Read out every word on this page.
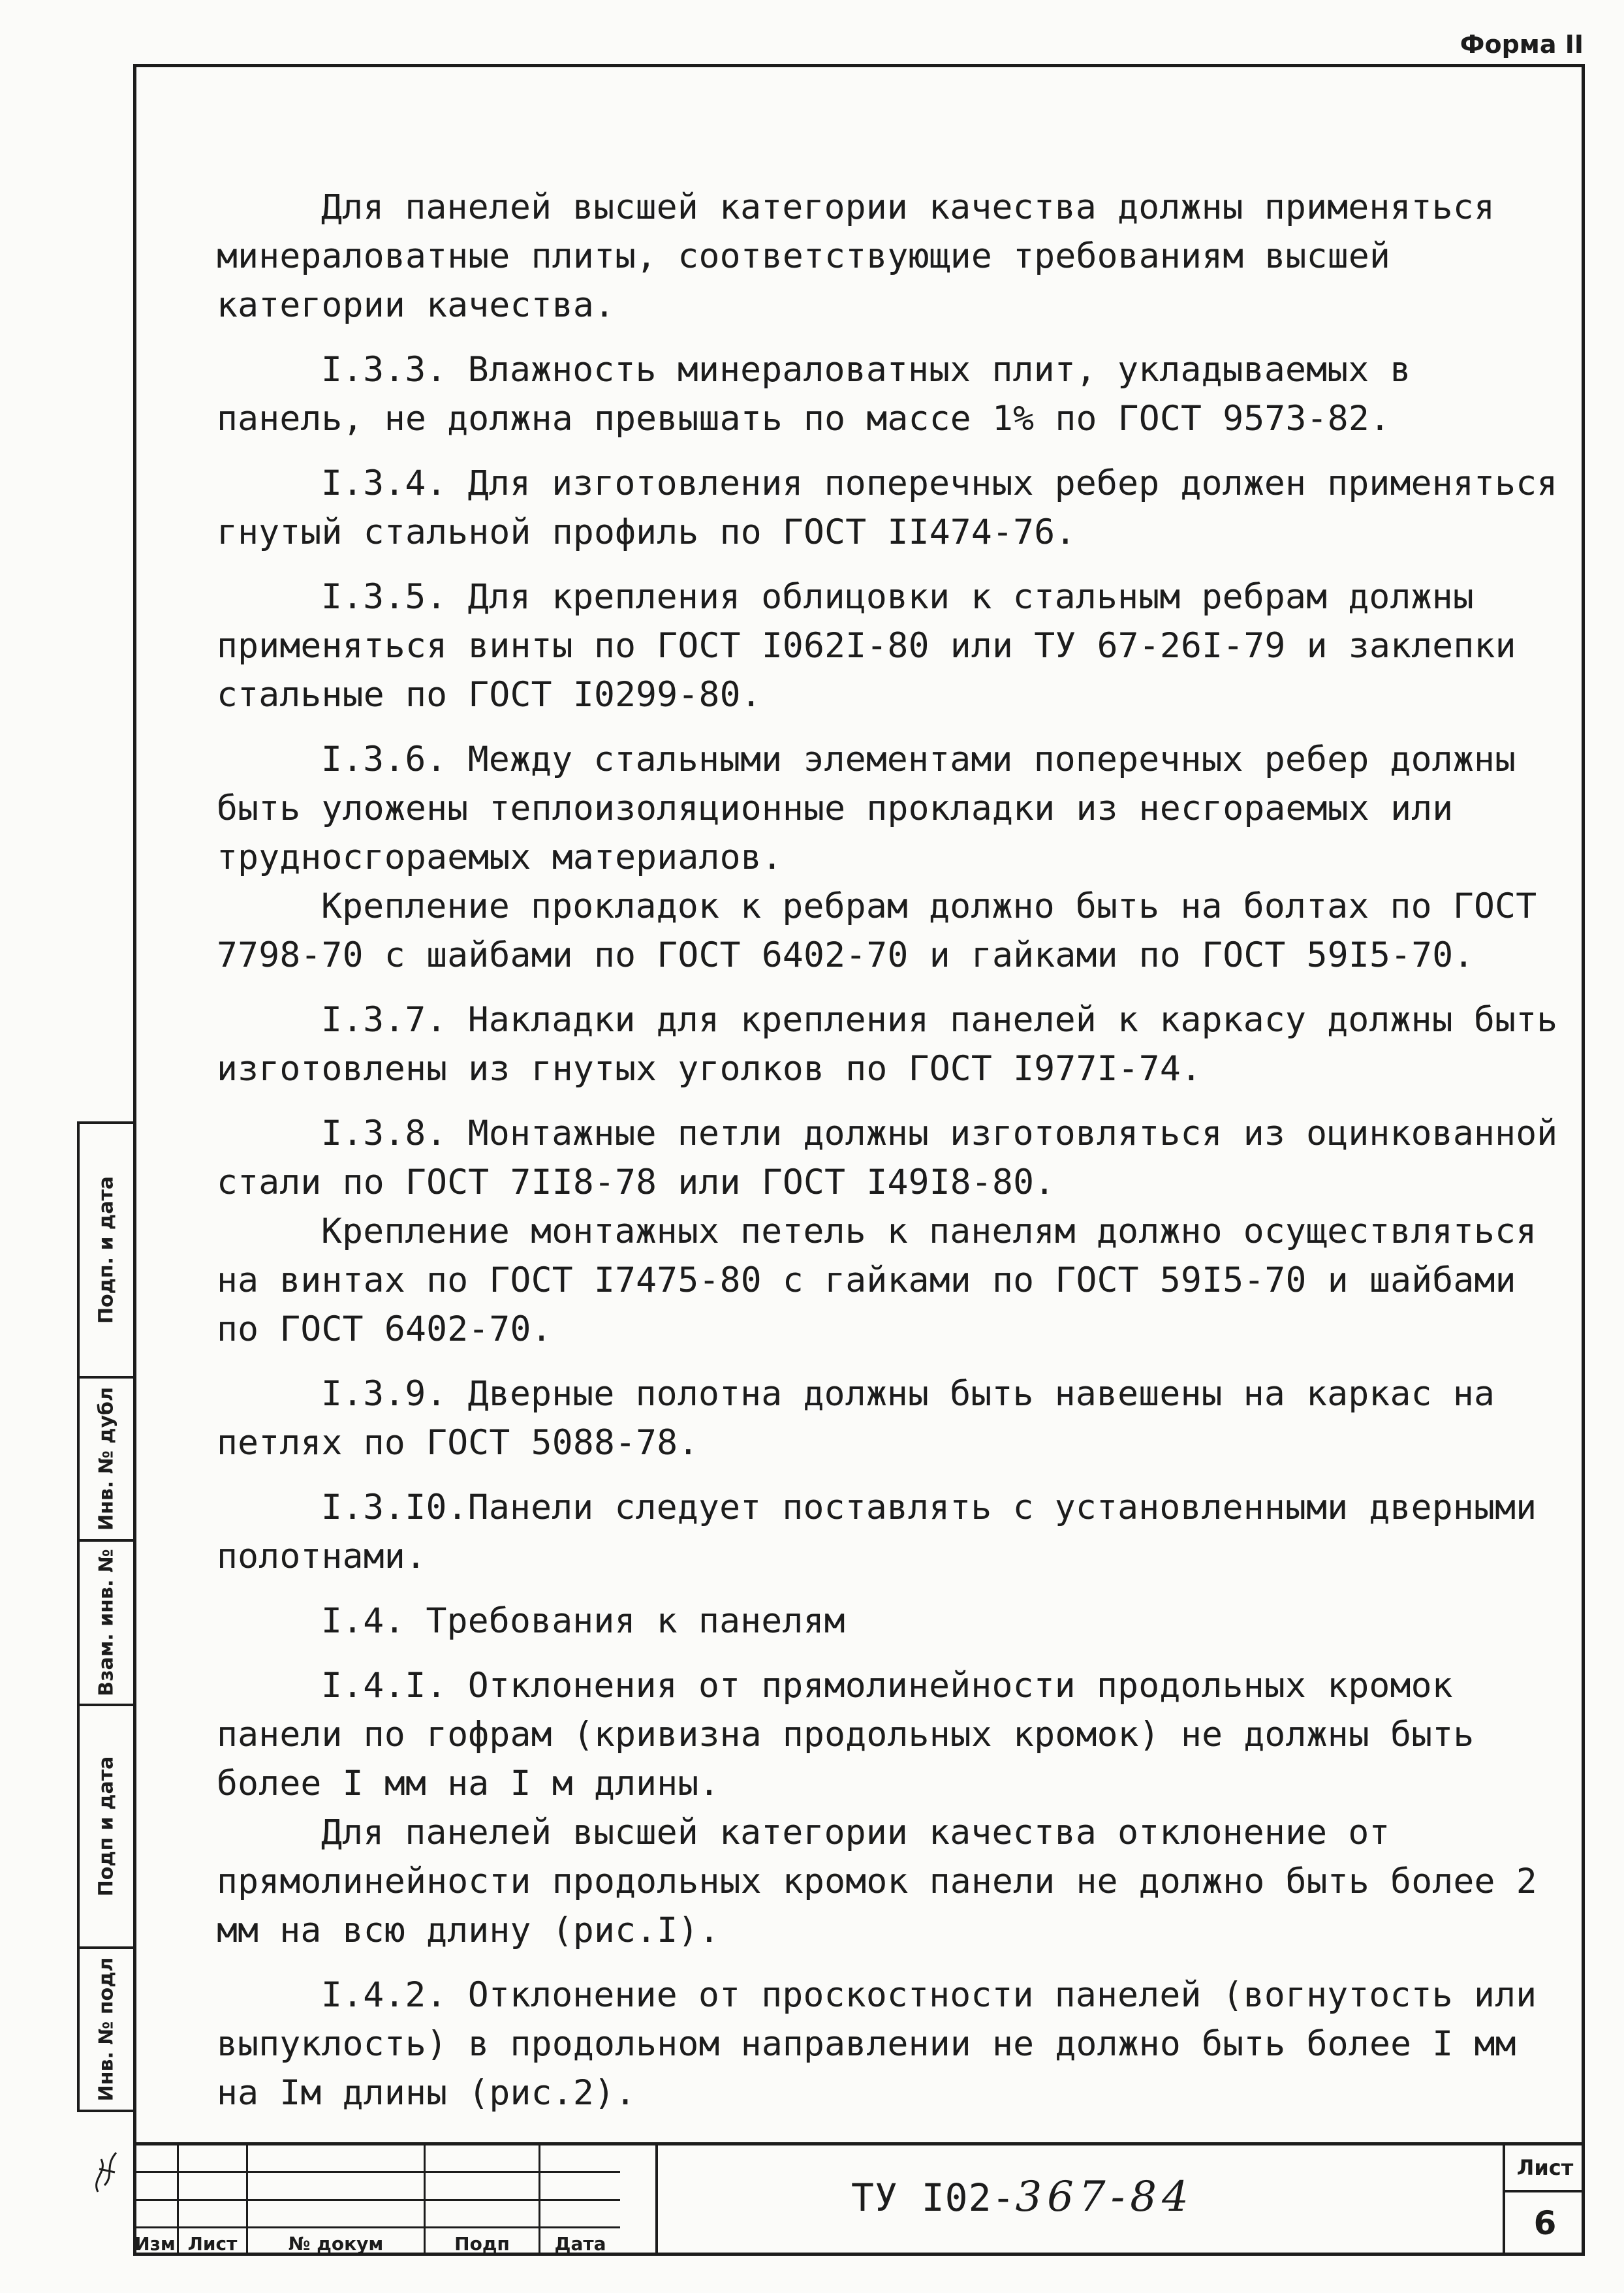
Форма II

Для панелей высшей категории качества должны применяться минераловатные плиты, соответствующие требованиям высшей категории качества.

I.3.3. Влажность минераловатных плит, укладываемых в панель, не должна превышать по массе 1% по ГОСТ 9573-82.

I.3.4. Для изготовления поперечных ребер должен применяться гнутый стальной профиль по ГОСТ II474-76.

I.3.5. Для крепления облицовки к стальным ребрам должны применяться винты по ГОСТ I062I-80 или ТУ 67-26I-79 и заклепки стальные по ГОСТ I0299-80.

I.3.6. Между стальными элементами поперечных ребер должны быть уложены теплоизоляционные прокладки из несгораемых или трудносгораемых материалов.

Крепление прокладок к ребрам должно быть на болтах по ГОСТ 7798-70 с шайбами по ГОСТ 6402-70 и гайками по ГОСТ 59I5-70.

I.3.7. Накладки для крепления панелей к каркасу должны быть изготовлены из гнутых уголков по ГОСТ I977I-74.

I.3.8. Монтажные петли должны изготовляться из оцинкованной стали по ГОСТ 7II8-78 или ГОСТ I49I8-80.

Крепление монтажных петель к панелям должно осуществляться на винтах по ГОСТ I7475-80 с гайками по ГОСТ 59I5-70 и шайбами по ГОСТ 6402-70.

I.3.9. Дверные полотна должны быть навешены на каркас на петлях по ГОСТ 5088-78.

I.3.I0.Панели следует поставлять с установленными дверными полотнами.

I.4. Требования к панелям

I.4.I. Отклонения от прямолинейности продольных кромок панели по гофрам (кривизна продольных кромок) не должны быть более I мм на I м длины.

Для панелей высшей категории качества отклонение от прямолинейности продольных кромок панели не должно быть более 2 мм на всю длину (рис.I).

I.4.2. Отклонение от проскостности панелей (вогнутость или выпуклость) в продольном направлении не должно быть более I мм на Iм длины (рис.2).

Подп. и дата
Инв. № дубл
Взам. инв. №
Подп и дата
Инв. № подл
Изм Лист	№ докум	Подп	Дата
ТУ I02-367-84
Лист
6
